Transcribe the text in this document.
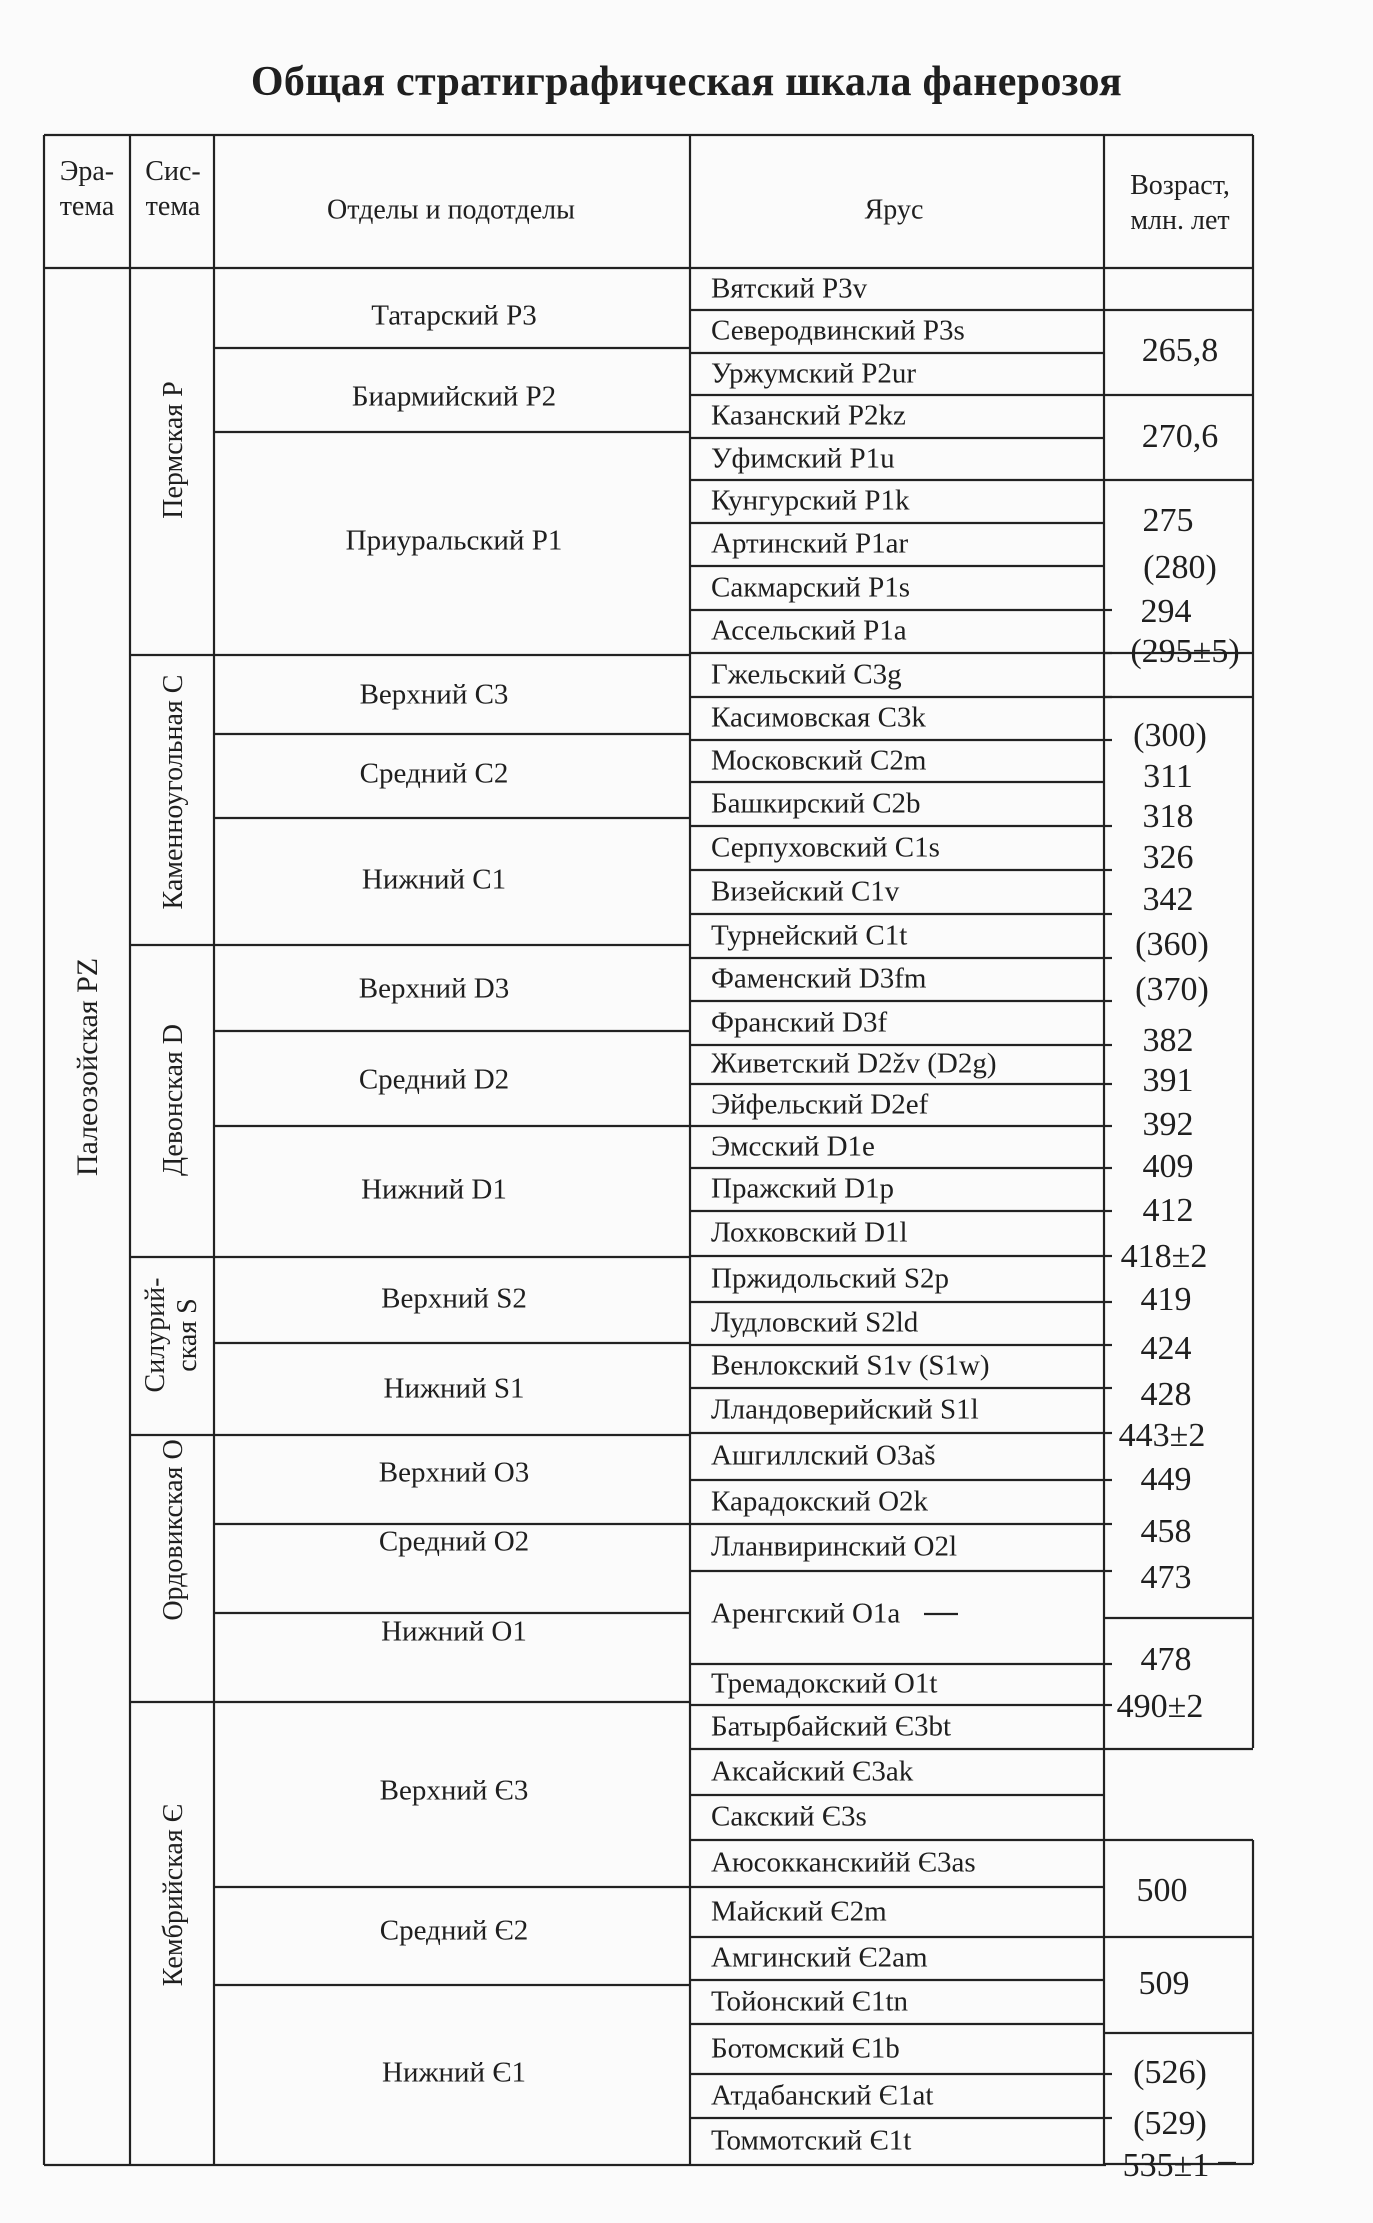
Общая стратиграфическая шкала фанерозоя
Эра-
тема
Сис-
тема	Отделы и подотделы	Ярус
Возраст,
млн. лет
Палеозойская PZ
Пермская P
Каменноугольная C
Девонская D
Силурий-
ская S
Ордовикская O
Кембрийская Є
Татарский P3
Биармийский P2
Приуральский P1
Верхний C3
Средний C2
Нижний C1
Верхний D3
Средний D2
Нижний D1
Верхний S2
Нижний S1
Верхний O3
Средний O2
Нижний O1
Верхний Є3
Средний Є2
Нижний Є1
Вятский P3v
Северодвинский P3s
Уржумский P2ur
Казанский P2kz
Уфимский P1u
Кунгурский P1k
Артинский P1ar
Сакмарский P1s
Ассельский P1a
Гжельский C3g
Касимовская C3k
Московский C2m
Башкирский C2b
Серпуховский C1s
Визейский C1v
Турнейский C1t
Фаменский D3fm
Франский D3f
Живетский D2žv (D2g)
Эйфельский D2ef
Эмсский D1e
Пражский D1p
Лохковский D1l
Пржидольский S2p
Лудловский S2ld
Венлокский S1v (S1w)
Лландоверийский S1l
Ашгиллский O3aš
Карадокский O2k
Лланвиринский O2l
Аренгский O1a
Тремадокский O1t
Батырбайский Є3bt
Аксайский Є3ak
Сакский Є3s
Аюсокканскийй Є3as
Майский Є2m
Амгинский Є2am
Тойонский Є1tn
Ботомский Є1b
Атдабанский Є1at
Томмотский Є1t
265,8
270,6
275
(280)
294
(295±5)
(300)
311
318
326
342
(360)
(370)
382
391
392
409
412
418±2
419
424
428
443±2
449
458
473
478
490±2
500
509
(526)
(529)
535±1
